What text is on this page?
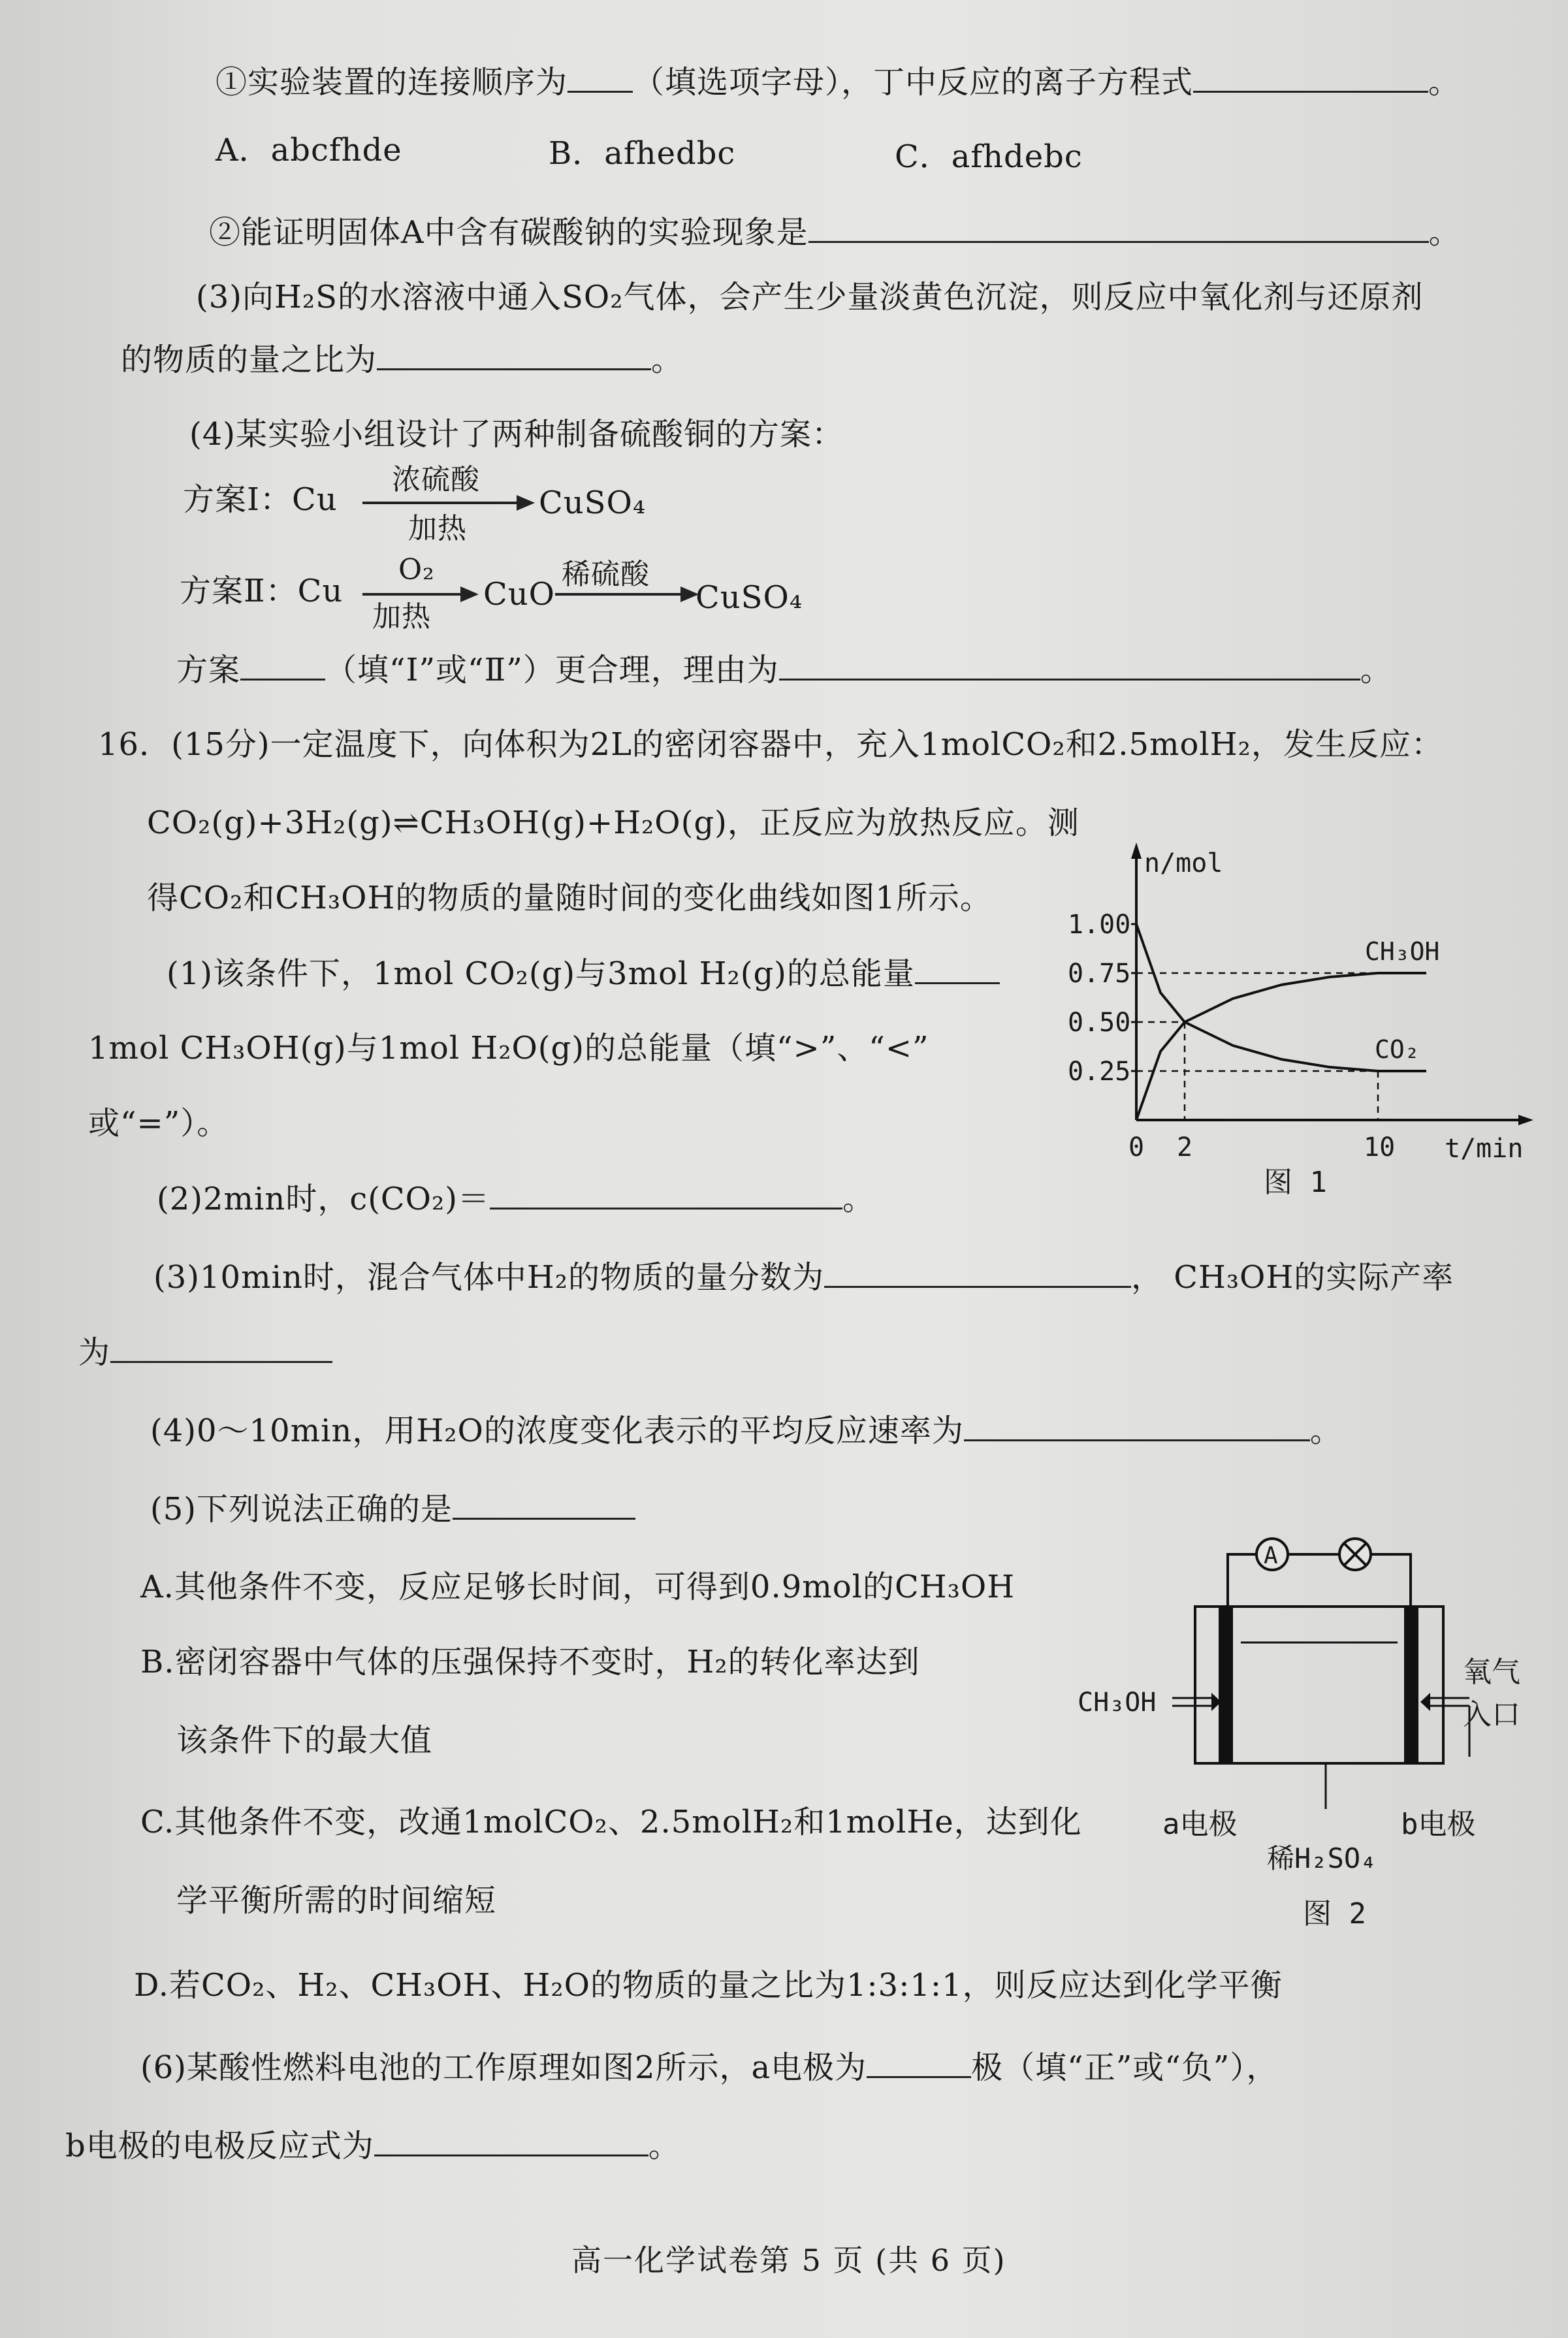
①实验装置的连接顺序为 （填选项字母），丁中反应的离子方程式	。
A．abcfhde	B．afhedbc	C．afhdebc
②能证明固体A中含有碳酸钠的实验现象是	。
(3)向H₂S的水溶液中通入SO₂气体，会产生少量淡黄色沉淀，则反应中氧化剂与还原剂
的物质的量之比为	。
(4)某实验小组设计了两种制备硫酸铜的方案：
方案Ⅰ：Cu
浓硫酸
加热
CuSO₄
方案Ⅱ：Cu
O₂
加热
CuO
稀硫酸
CuSO₄
方案	（填“Ⅰ”或“Ⅱ”）更合理，理由为	。
16．(15分)一定温度下，向体积为2L的密闭容器中，充入1molCO₂和2.5molH₂，发生反应：
CO₂(g)+3H₂(g)⇌CH₃OH(g)+H₂O(g)，正反应为放热反应。测
得CO₂和CH₃OH的物质的量随时间的变化曲线如图1所示。
(1)该条件下，1mol CO₂(g)与3mol H₂(g)的总能量
1mol CH₃OH(g)与1mol H₂O(g)的总能量（填“>”、“<”
或“=”）。
(2)2min时，c(CO₂)＝	。
(3)10min时，混合气体中H₂的物质的量分数为	， CH₃OH的实际产率
为
(4)0～10min，用H₂O的浓度变化表示的平均反应速率为	。
(5)下列说法正确的是
A.其他条件不变，反应足够长时间，可得到0.9mol的CH₃OH
B.密闭容器中气体的压强保持不变时，H₂的转化率达到
该条件下的最大值
C.其他条件不变，改通1molCO₂、2.5molH₂和1molHe，达到化
学平衡所需的时间缩短
D.若CO₂、H₂、CH₃OH、H₂O的物质的量之比为1:3:1:1，则反应达到化学平衡
(6)某酸性燃料电池的工作原理如图2所示，a电极为	极（填“正”或“负”），
b电极的电极反应式为	。
n/mol
t/min
1.00
0.75
0.50
0.25
0 2	10
CH₃OH
CO₂
图 1
A
CH₃OH
氧气
入口
a电极	b电极
稀H₂SO₄
图 2
高一化学试卷第 5 页 (共 6 页)
